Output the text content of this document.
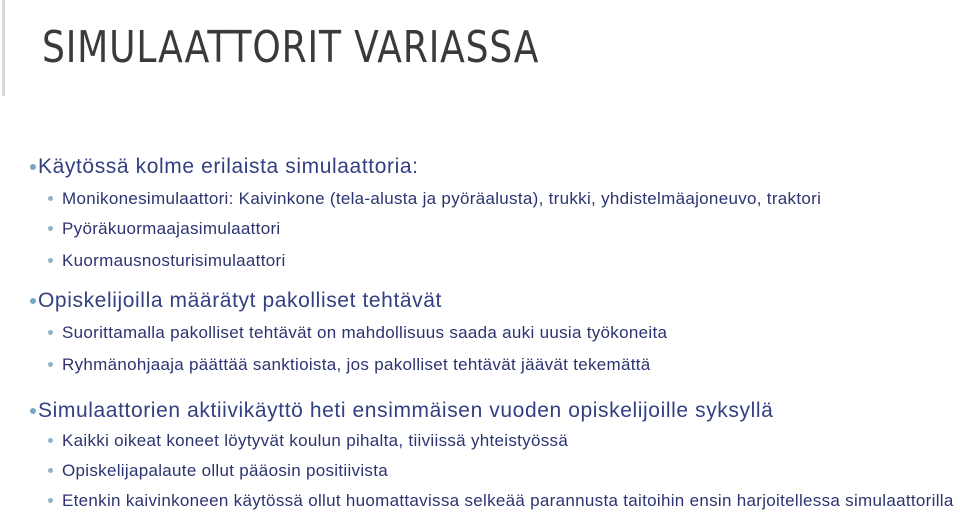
SIMULAATTORIT VARIASSA
Käytössä kolme erilaista simulaattoria:
Monikonesimulaattori: Kaivinkone (tela-alusta ja pyöräalusta), trukki, yhdistelmäajoneuvo, traktori
Pyöräkuormaajasimulaattori
Kuormausnosturisimulaattori
Opiskelijoilla määrätyt pakolliset tehtävät
Suorittamalla pakolliset tehtävät on mahdollisuus saada auki uusia työkoneita
Ryhmänohjaaja päättää sanktioista, jos pakolliset tehtävät jäävät tekemättä
Simulaattorien aktiivikäyttö heti ensimmäisen vuoden opiskelijoille syksyllä
Kaikki oikeat koneet löytyvät koulun pihalta, tiiviissä yhteistyössä
Opiskelijapalaute ollut pääosin positiivista
Etenkin kaivinkoneen käytössä ollut huomattavissa selkeää parannusta taitoihin ensin harjoitellessa simulaattorilla
